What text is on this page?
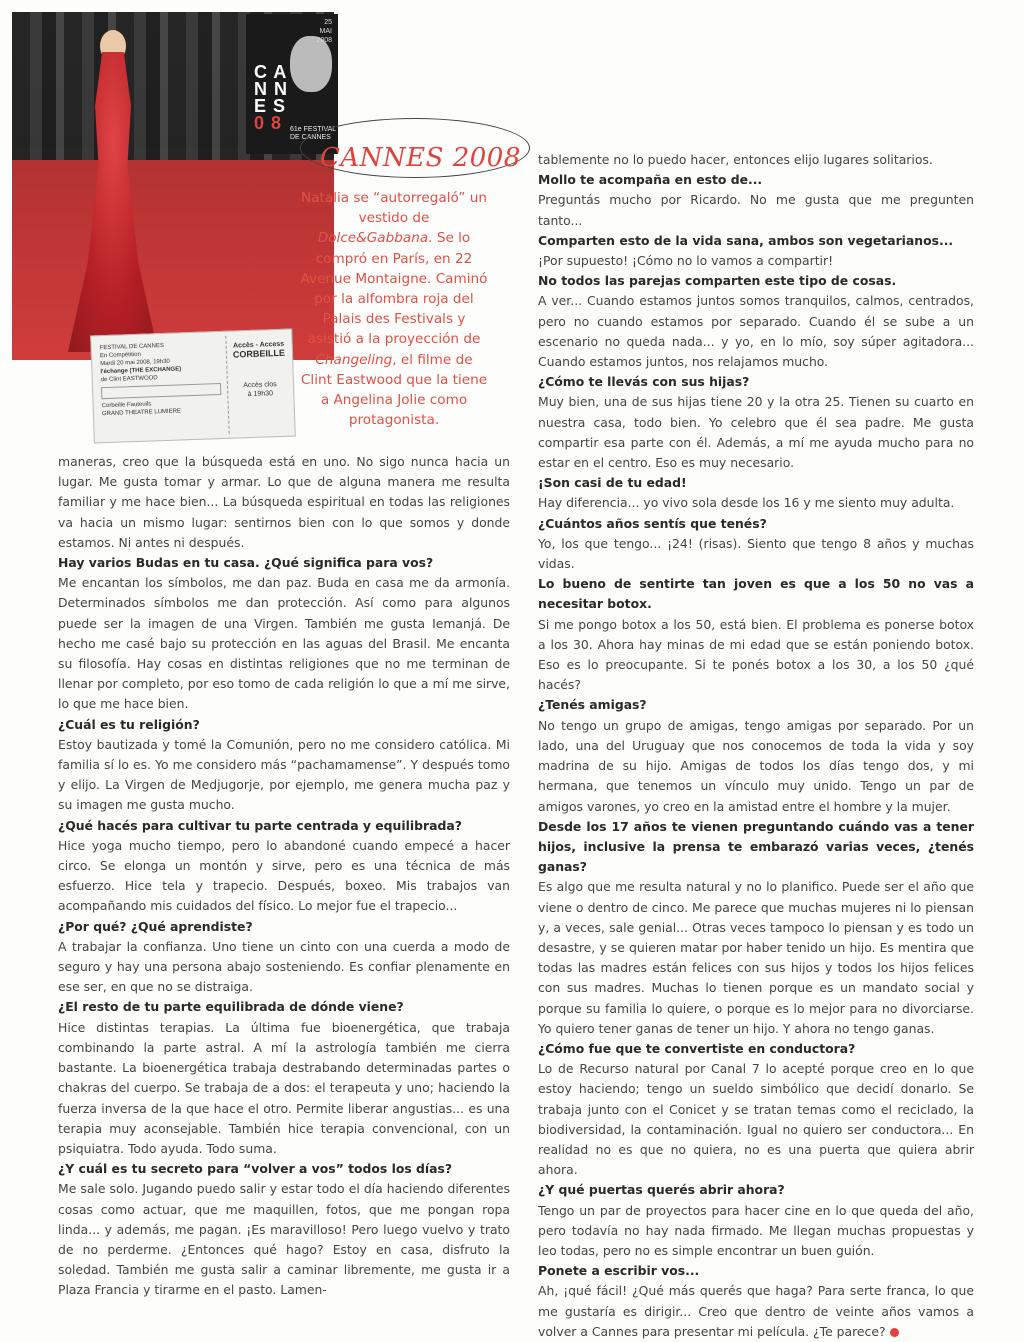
25
MAI
2008
C A
N N
E S
0 8	61e FESTIVAL
DE CANNES
FESTIVAL DE CANNES
En Compétition
Mardi 20 mai 2008, 19h30
l'échange (THE EXCHANGE)
de Clint EASTWOOD
Corbeille Fauteuils
GRAND THEATRE LUMIERE
Accès - Access
CORBEILLE
Accès clos
à 19h30
CANNES 2008
Natalia se “autorregaló” un vestido de Dolce&Gabbana. Se lo compró en París, en 22 Avenue Montaigne. Caminó por la alfombra roja del Palais des Festivals y asistió a la proyección de Changeling, el filme de Clint Eastwood que la tiene a Angelina Jolie como protagonista.

maneras, creo que la búsqueda está en uno. No sigo nunca hacia un lugar. Me gusta tomar y armar. Lo que de alguna manera me resulta familiar y me hace bien... La búsqueda espiritual en todas las religiones va hacia un mismo lugar: sentirnos bien con lo que somos y donde estamos. Ni antes ni después.

Hay varios Budas en tu casa. ¿Qué significa para vos?

Me encantan los símbolos, me dan paz. Buda en casa me da armonía. Determinados símbolos me dan protección. Así como para algunos puede ser la imagen de una Virgen. También me gusta Iemanjá. De hecho me casé bajo su protección en las aguas del Brasil. Me encanta su filosofía. Hay cosas en distintas religiones que no me terminan de llenar por completo, por eso tomo de cada religión lo que a mí me sirve, lo que me hace bien.

¿Cuál es tu religión?

Estoy bautizada y tomé la Comunión, pero no me considero católica. Mi familia sí lo es. Yo me considero más “pachamamense”. Y después tomo y elijo. La Virgen de Medjugorje, por ejemplo, me genera mucha paz y su imagen me gusta mucho.

¿Qué hacés para cultivar tu parte centrada y equilibrada?

Hice yoga mucho tiempo, pero lo abandoné cuando empecé a hacer circo. Se elonga un montón y sirve, pero es una técnica de más esfuerzo. Hice tela y trapecio. Después, boxeo. Mis trabajos van acompañando mis cuidados del físico. Lo mejor fue el trapecio...

¿Por qué? ¿Qué aprendiste?

A trabajar la confianza. Uno tiene un cinto con una cuerda a modo de seguro y hay una persona abajo sosteniendo. Es confiar plenamente en ese ser, en que no se distraiga.

¿El resto de tu parte equilibrada de dónde viene?

Hice distintas terapias. La última fue bioenergética, que trabaja combinando la parte astral. A mí la astrología también me cierra bastante. La bioenergética trabaja destrabando determinadas partes o chakras del cuerpo. Se trabaja de a dos: el terapeuta y uno; haciendo la fuerza inversa de la que hace el otro. Permite liberar angustias... es una terapia muy aconsejable. También hice terapia convencional, con un psiquiatra. Todo ayuda. Todo suma.

¿Y cuál es tu secreto para “volver a vos” todos los días?

Me sale solo. Jugando puedo salir y estar todo el día haciendo diferentes cosas como actuar, que me maquillen, fotos, que me pongan ropa linda... y además, me pagan. ¡Es maravilloso! Pero luego vuelvo y trato de no perderme. ¿Entonces qué hago? Estoy en casa, disfruto la soledad. También me gusta salir a caminar libremente, me gusta ir a Plaza Francia y tirarme en el pasto. Lamen-

tablemente no lo puedo hacer, entonces elijo lugares solitarios.

Mollo te acompaña en esto de...

Preguntás mucho por Ricardo. No me gusta que me pregunten tanto...

Comparten esto de la vida sana, ambos son vegetarianos...

¡Por supuesto! ¡Cómo no lo vamos a compartir!

No todos las parejas comparten este tipo de cosas.

A ver... Cuando estamos juntos somos tranquilos, calmos, centrados, pero no cuando estamos por separado. Cuando él se sube a un escenario no queda nada... y yo, en lo mío, soy súper agitadora... Cuando estamos juntos, nos relajamos mucho.

¿Cómo te llevás con sus hijas?

Muy bien, una de sus hijas tiene 20 y la otra 25. Tienen su cuarto en nuestra casa, todo bien. Yo celebro que él sea padre. Me gusta compartir esa parte con él. Además, a mí me ayuda mucho para no estar en el centro. Eso es muy necesario.

¡Son casi de tu edad!

Hay diferencia... yo vivo sola desde los 16 y me siento muy adulta.

¿Cuántos años sentís que tenés?

Yo, los que tengo... ¡24! (risas). Siento que tengo 8 años y muchas vidas.

Lo bueno de sentirte tan joven es que a los 50 no vas a necesitar botox.

Si me pongo botox a los 50, está bien. El problema es ponerse botox a los 30. Ahora hay minas de mi edad que se están poniendo botox. Eso es lo preocupante. Si te ponés botox a los 30, a los 50 ¿qué hacés?

¿Tenés amigas?

No tengo un grupo de amigas, tengo amigas por separado. Por un lado, una del Uruguay que nos conocemos de toda la vida y soy madrina de su hijo. Amigas de todos los días tengo dos, y mi hermana, que tenemos un vínculo muy unido. Tengo un par de amigos varones, yo creo en la amistad entre el hombre y la mujer.

Desde los 17 años te vienen preguntando cuándo vas a tener hijos, inclusive la prensa te embarazó varias veces, ¿tenés ganas?

Es algo que me resulta natural y no lo planifico. Puede ser el año que viene o dentro de cinco. Me parece que muchas mujeres ni lo piensan y, a veces, sale genial... Otras veces tampoco lo piensan y es todo un desastre, y se quieren matar por haber tenido un hijo. Es mentira que todas las madres están felices con sus hijos y todos los hijos felices con sus madres. Muchas lo tienen porque es un mandato social y porque su familia lo quiere, o porque es lo mejor para no divorciarse. Yo quiero tener ganas de tener un hijo. Y ahora no tengo ganas.

¿Cómo fue que te convertiste en conductora?

Lo de Recurso natural por Canal 7 lo acepté porque creo en lo que estoy haciendo; tengo un sueldo simbólico que decidí donarlo. Se trabaja junto con el Conicet y se tratan temas como el reciclado, la biodiversidad, la contaminación. Igual no quiero ser conductora... En realidad no es que no quiera, no es una puerta que quiera abrir ahora.

¿Y qué puertas querés abrir ahora?

Tengo un par de proyectos para hacer cine en lo que queda del año, pero todavía no hay nada firmado. Me llegan muchas propuestas y leo todas, pero no es simple encontrar un buen guión.

Ponete a escribir vos...

Ah, ¡qué fácil! ¿Qué más querés que haga? Para serte franca, lo que me gustaría es dirigir... Creo que dentro de veinte años vamos a volver a Cannes para presentar mi película. ¿Te parece?
